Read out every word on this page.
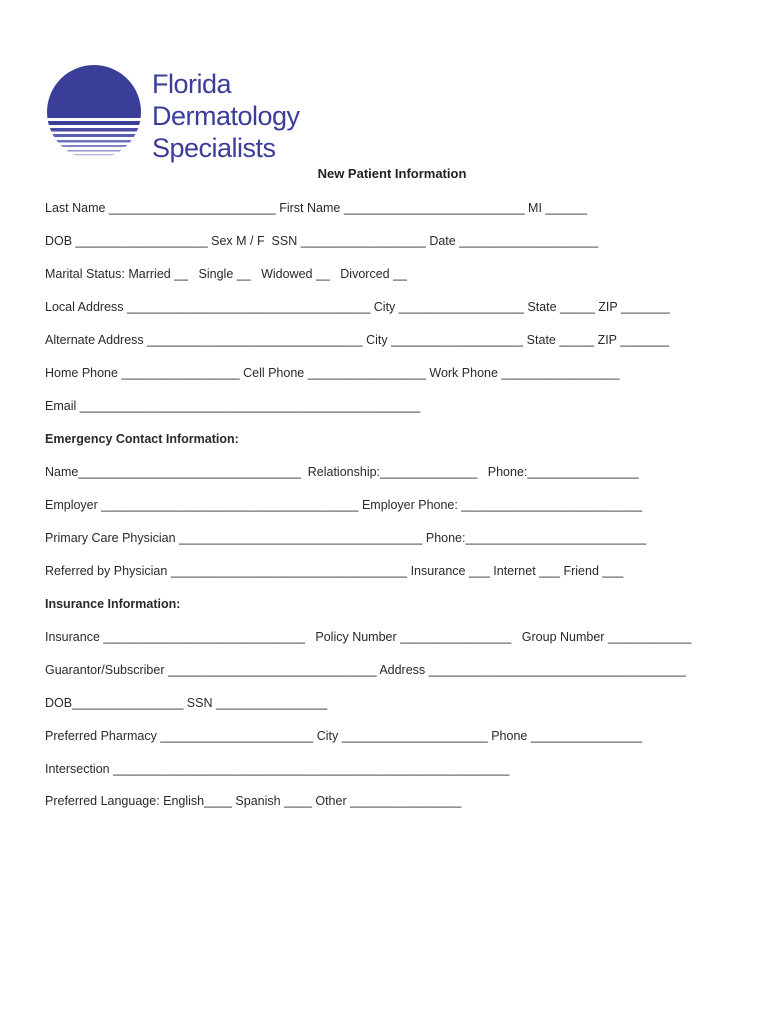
Florida
Dermatology
Specialists
New Patient Information
Last Name ________________________ First Name __________________________ MI ______
DOB ___________________ Sex M / F  SSN __________________ Date ____________________
Marital Status: Married __   Single __   Widowed __   Divorced __
Local Address ___________________________________ City __________________ State _____ ZIP _______
Alternate Address _______________________________ City ___________________ State _____ ZIP _______
Home Phone _________________ Cell Phone _________________ Work Phone _________________
Email _________________________________________________
Emergency Contact Information:
Name________________________________  Relationship:______________   Phone:________________
Employer _____________________________________ Employer Phone: __________________________
Primary Care Physician ___________________________________ Phone:__________________________
Referred by Physician __________________________________ Insurance ___ Internet ___ Friend ___
Insurance Information:
Insurance _____________________________   Policy Number ________________   Group Number ____________
Guarantor/Subscriber ______________________________ Address _____________________________________
DOB________________ SSN ________________
Preferred Pharmacy ______________________ City _____________________ Phone ________________
Intersection _________________________________________________________
Preferred Language: English____ Spanish ____ Other ________________
